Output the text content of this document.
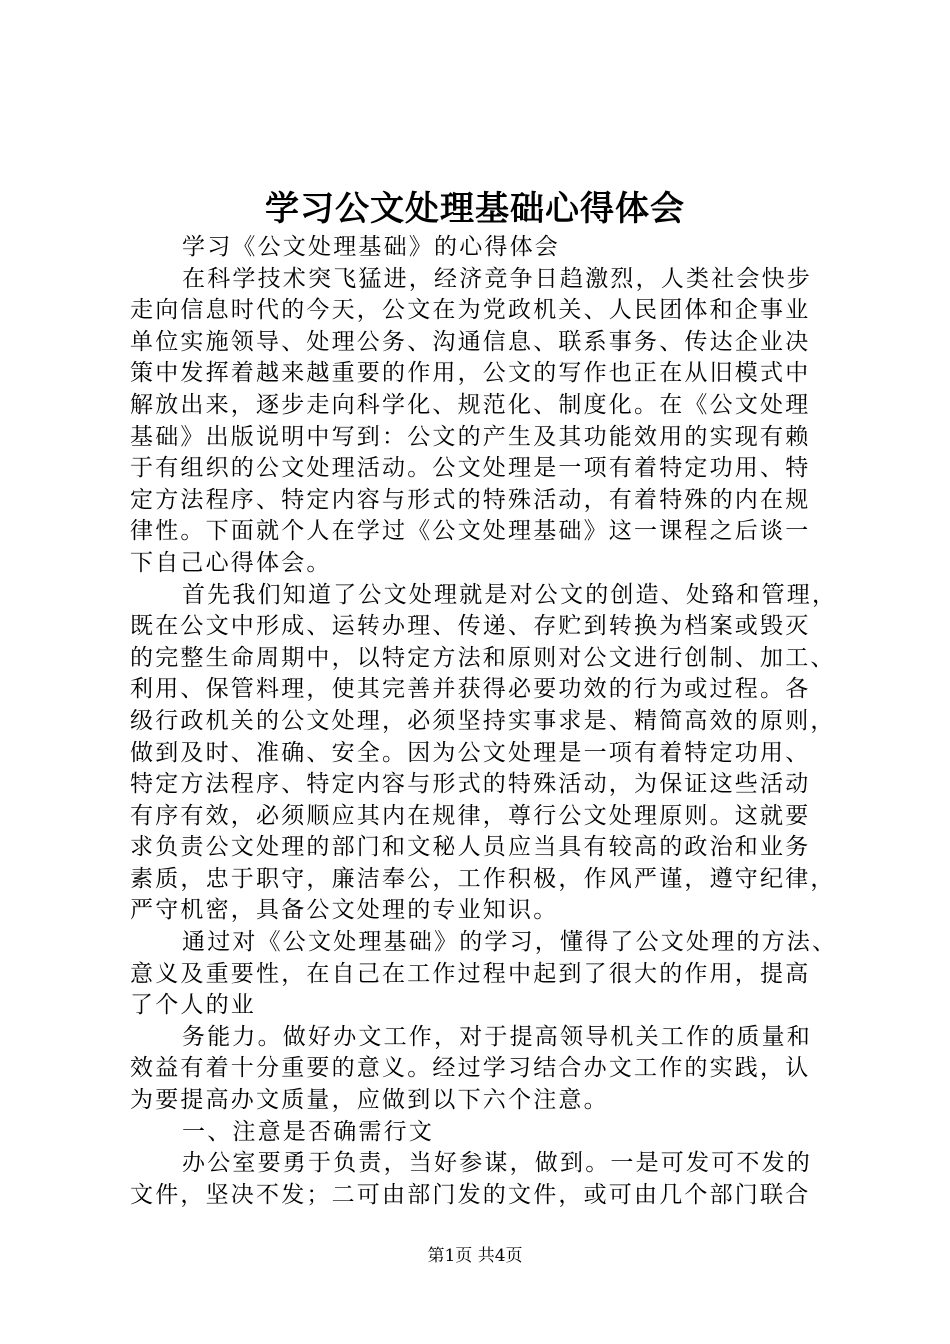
学习公文处理基础心得体会
学习《公文处理基础》的心得体会
在科学技术突飞猛进，经济竞争日趋激烈，人类社会快步
走向信息时代的今天，公文在为党政机关、人民团体和企事业
单位实施领导、处理公务、沟通信息、联系事务、传达企业决
策中发挥着越来越重要的作用，公文的写作也正在从旧模式中
解放出来，逐步走向科学化、规范化、制度化。在《公文处理
基础》出版说明中写到：公文的产生及其功能效用的实现有赖
于有组织的公文处理活动。公文处理是一项有着特定功用、特
定方法程序、特定内容与形式的特殊活动，有着特殊的内在规
律性。下面就个人在学过《公文处理基础》这一课程之后谈一
下自己心得体会。
首先我们知道了公文处理就是对公文的创造、处臵和管理，
既在公文中形成、运转办理、传递、存贮到转换为档案或毁灭
的完整生命周期中，以特定方法和原则对公文进行创制、加工、
利用、保管料理，使其完善并获得必要功效的行为或过程。各
级行政机关的公文处理，必须坚持实事求是、精简高效的原则，
做到及时、准确、安全。因为公文处理是一项有着特定功用、
特定方法程序、特定内容与形式的特殊活动，为保证这些活动
有序有效，必须顺应其内在规律，尊行公文处理原则。这就要
求负责公文处理的部门和文秘人员应当具有较高的政治和业务
素质，忠于职守，廉洁奉公，工作积极，作风严谨，遵守纪律，
严守机密，具备公文处理的专业知识。
通过对《公文处理基础》的学习，懂得了公文处理的方法、
意义及重要性，在自己在工作过程中起到了很大的作用，提高
了个人的业
务能力。做好办文工作，对于提高领导机关工作的质量和
效益有着十分重要的意义。经过学习结合办文工作的实践，认
为要提高办文质量，应做到以下六个注意。
一、注意是否确需行文
办公室要勇于负责，当好参谋，做到。一是可发可不发的
文件，坚决不发；二可由部门发的文件，或可由几个部门联合
第1页 共4页
